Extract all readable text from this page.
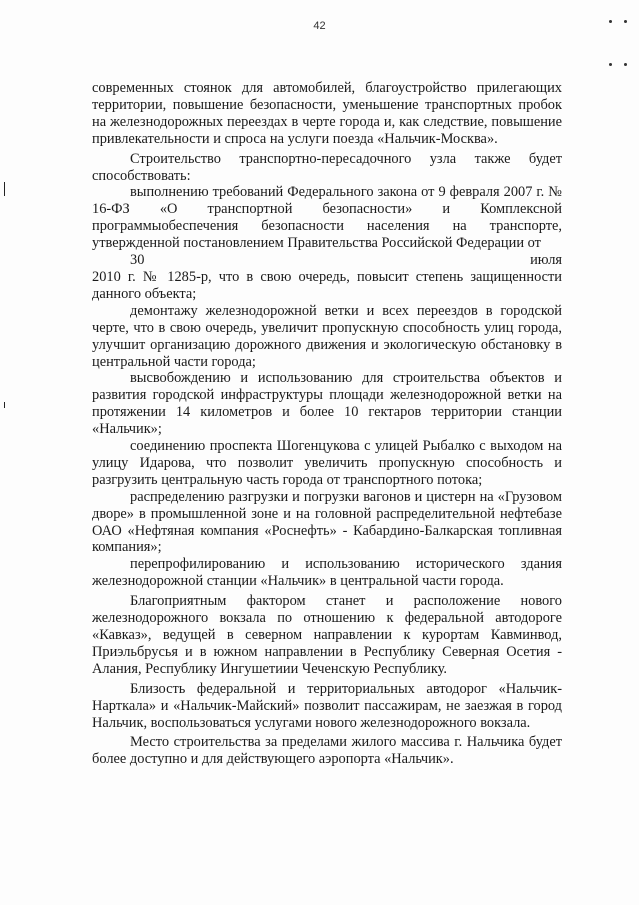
42

современных стоянок для автомобилей, благоустройство прилегающих территории, повышение безопасности, уменьшение транспортных пробок на железнодорожных переездах в черте города и, как следствие, повышение привлекательности и спроса на услуги поезда «Нальчик-Москва».

Строительство транспортно-пересадочного узла также будет способствовать:

выполнению требований Федерального закона от 9 февраля 2007 г. № 16-ФЗ «О транспортной безопасности» и Комплексной программыобеспечения безопасности населения на транспорте, утвержденной постановлением Правительства Российской Федерации от

30 июля

2010 г. № 1285-р, что в свою очередь, повысит степень защищенности данного объекта;

демонтажу железнодорожной ветки и всех переездов в городской черте, что в свою очередь, увеличит пропускную способность улиц города, улучшит организацию дорожного движения и экологическую обстановку в центральной части города;

высвобождению и использованию для строительства объектов и развития городской инфраструктуры площади железнодорожной ветки на протяжении 14 километров и более 10 гектаров территории станции «Нальчик»;

соединению проспекта Шогенцукова с улицей Рыбалко с выходом на улицу Идарова, что позволит увеличить пропускную способность и разгрузить центральную часть города от транспортного потока;

распределению разгрузки и погрузки вагонов и цистерн на «Грузовом дворе» в промышленной зоне и на головной распределительной нефтебазе ОАО «Нефтяная компания «Роснефть» - Кабардино-Балкарская топливная компания»;

перепрофилированию и использованию исторического здания железнодорожной станции «Нальчик» в центральной части города.

Благоприятным фактором станет и расположение нового железнодорожного вокзала по отношению к федеральной автодороге «Кавказ», ведущей в северном направлении к курортам Кавминвод, Приэльбрусья и в южном направлении в Республику Северная Осетия - Алания, Республику Ингушетиии Чеченскую Республику.

Близость федеральной и территориальных автодорог «Нальчик-Нарткала» и «Нальчик-Майский» позволит пассажирам, не заезжая в город Нальчик, воспользоваться услугами нового железнодорожного вокзала.

Место строительства за пределами жилого массива г. Нальчика будет более доступно и для действующего аэропорта «Нальчик».
